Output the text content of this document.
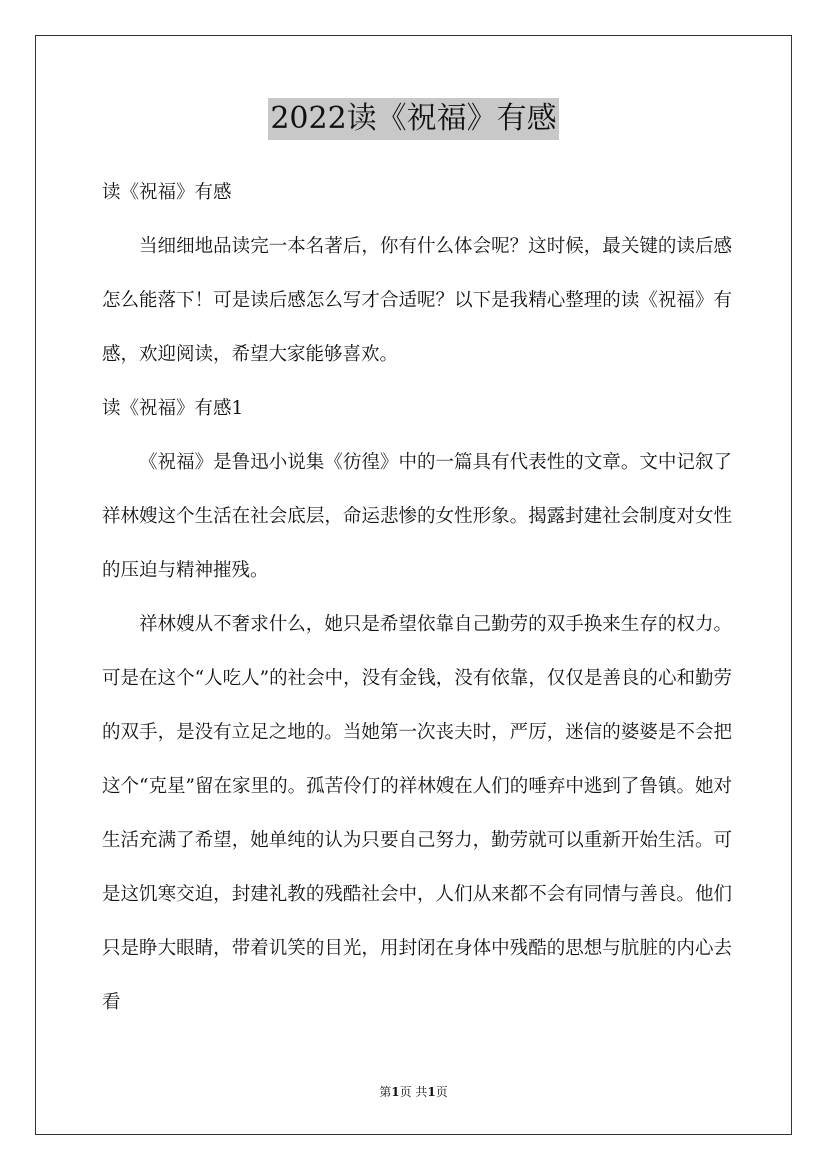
2022读《祝福》有感

读《祝福》有感

当细细地品读完一本名著后，你有什么体会呢？这时候，最关键的读后感怎么能落下！可是读后感怎么写才合适呢？以下是我精心整理的读《祝福》有感，欢迎阅读，希望大家能够喜欢。

读《祝福》有感1

《祝福》是鲁迅小说集《彷徨》中的一篇具有代表性的文章。文中记叙了祥林嫂这个生活在社会底层，命运悲惨的女性形象。揭露封建社会制度对女性的压迫与精神摧残。

祥林嫂从不奢求什么，她只是希望依靠自己勤劳的双手换来生存的权力。可是在这个“人吃人”的社会中，没有金钱，没有依靠，仅仅是善良的心和勤劳的双手，是没有立足之地的。当她第一次丧夫时，严厉，迷信的婆婆是不会把这个“克星”留在家里的。孤苦伶仃的祥林嫂在人们的唾弃中逃到了鲁镇。她对生活充满了希望，她单纯的认为只要自己努力，勤劳就可以重新开始生活。可是这饥寒交迫，封建礼教的残酷社会中，人们从来都不会有同情与善良。他们只是睁大眼睛，带着讥笑的目光，用封闭在身体中残酷的思想与肮脏的内心去看

第1页 共1页
